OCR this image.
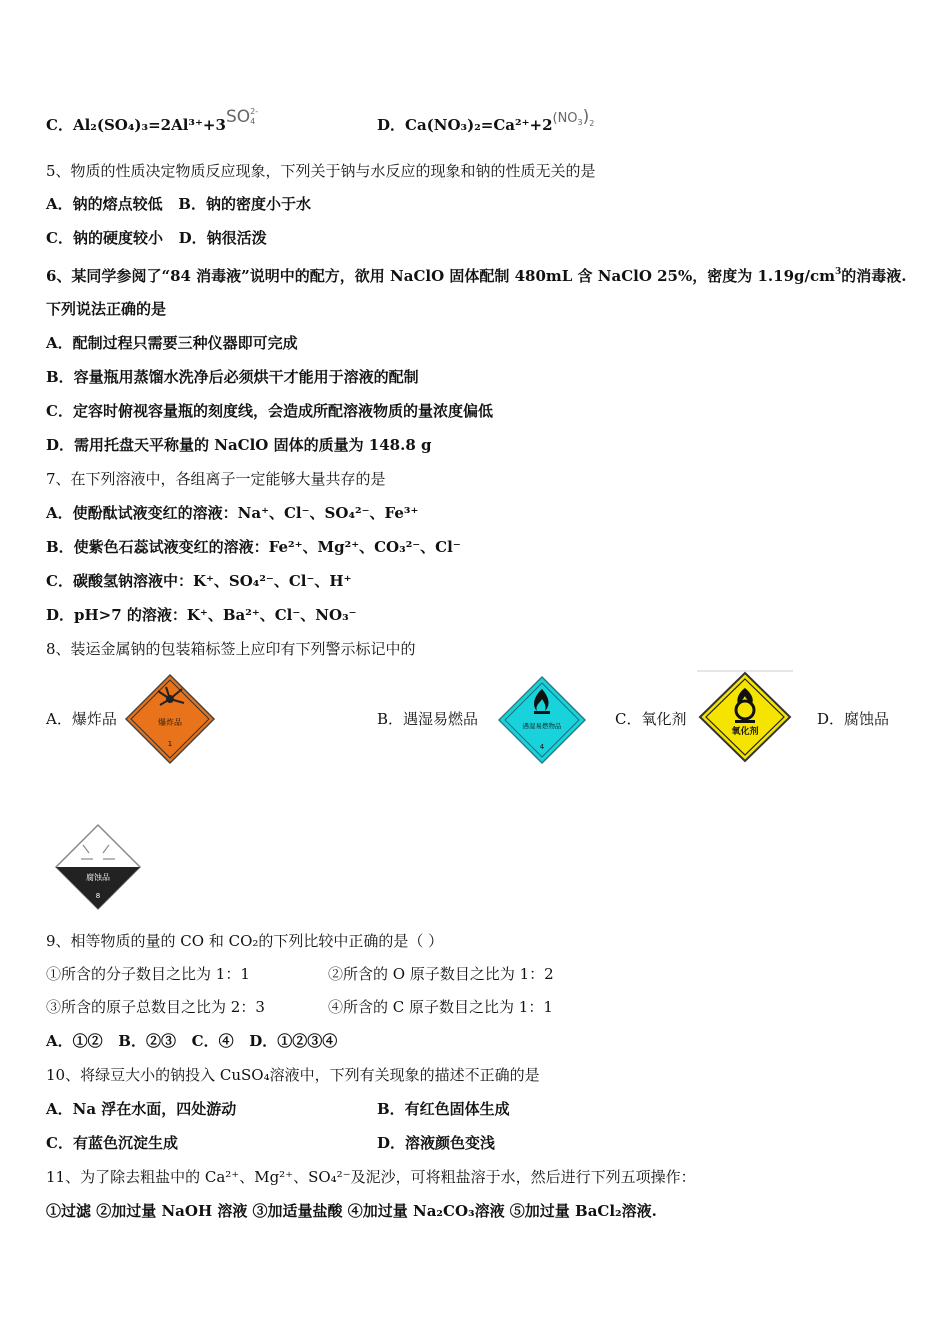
C．$Al_2(SO_4)_3=2Al^{3+}+3SO^{2-}4$	D．$Ca(NO_3)_2=Ca^{2+}+2(NO_3)_2$
5、物质的性质决定物质反应现象，下列关于钠与水反应的现象和钠的性质无关的是
A．钠的熔点较低   B．钠的密度小于水
C．钠的硬度较小   D．钠很活泼
6、某同学参阅了“84 消毒液”说明中的配方，欲用 NaClO 固体配制 480mL 含 NaClO 25%，密度为 $1.19g/cm^3$的消毒液.
下列说法正确的是
A．配制过程只需要三种仪器即可完成
B．容量瓶用蒸馏水洗净后必须烘干才能用于溶液的配制
C．定容时俯视容量瓶的刻度线，会造成所配溶液物质的量浓度偏低
D．需用托盘天平称量的 NaClO 固体的质量为 148.8 g
7、在下列溶液中，各组离子一定能够大量共存的是
A．使酚酞试液变红的溶液：Na⁺、Cl⁻、SO₄²⁻、Fe³⁺
B．使紫色石蕊试液变红的溶液：Fe²⁺、Mg²⁺、CO₃²⁻、Cl⁻
C．碳酸氢钠溶液中：K⁺、SO₄²⁻、Cl⁻、H⁺
D．pH>7 的溶液：K⁺、Ba²⁺、Cl⁻、NO₃⁻
8、装运金属钠的包装箱标签上应印有下列警示标记中的
A．爆炸品	B．遇湿易燃品	C．氧化剂	D．腐蚀品
爆炸品
1
遇湿易燃物品
4
氧化剂
腐蚀品
8
9、相等物质的量的 CO 和 CO₂的下列比较中正确的是（ ）
①所含的分子数目之比为 1：1	②所含的 O 原子数目之比为 1：2
③所含的原子总数目之比为 2：3	④所含的 C 原子数目之比为 1：1
A．①②   B．②③   C．④   D．①②③④
10、将绿豆大小的钠投入 CuSO₄溶液中，下列有关现象的描述不正确的是
A．Na 浮在水面，四处游动	B．有红色固体生成
C．有蓝色沉淀生成	D．溶液颜色变浅
11、为了除去粗盐中的 Ca²⁺、Mg²⁺、SO₄²⁻及泥沙，可将粗盐溶于水，然后进行下列五项操作：
①过滤 ②加过量 NaOH 溶液 ③加适量盐酸 ④加过量 Na₂CO₃溶液 ⑤加过量 BaCl₂溶液.
